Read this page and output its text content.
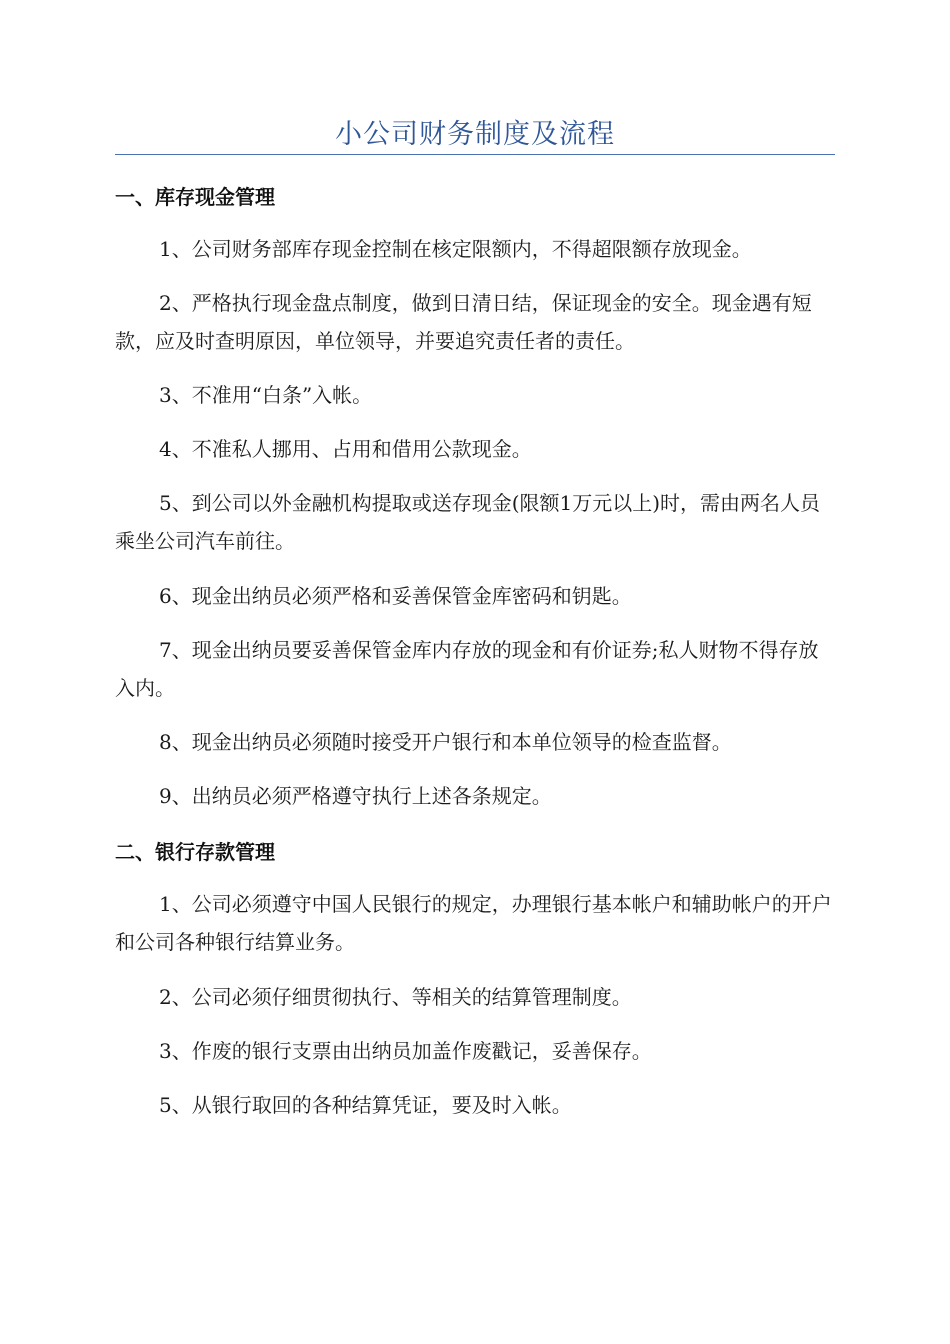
小公司财务制度及流程
一、库存现金管理

1、公司财务部库存现金控制在核定限额内，不得超限额存放现金。

2、严格执行现金盘点制度，做到日清日结，保证现金的安全。现金遇有短款，应及时查明原因，单位领导，并要追究责任者的责任。

3、不准用“白条”入帐。

4、不准私人挪用、占用和借用公款现金。

5、到公司以外金融机构提取或送存现金(限额1万元以上)时，需由两名人员乘坐公司汽车前往。

6、现金出纳员必须严格和妥善保管金库密码和钥匙。

7、现金出纳员要妥善保管金库内存放的现金和有价证券;私人财物不得存放入内。

8、现金出纳员必须随时接受开户银行和本单位领导的检查监督。

9、出纳员必须严格遵守执行上述各条规定。

二、银行存款管理

1、公司必须遵守中国人民银行的规定，办理银行基本帐户和辅助帐户的开户和公司各种银行结算业务。

2、公司必须仔细贯彻执行、等相关的结算管理制度。

3、作废的银行支票由出纳员加盖作废戳记，妥善保存。

5、从银行取回的各种结算凭证，要及时入帐。
